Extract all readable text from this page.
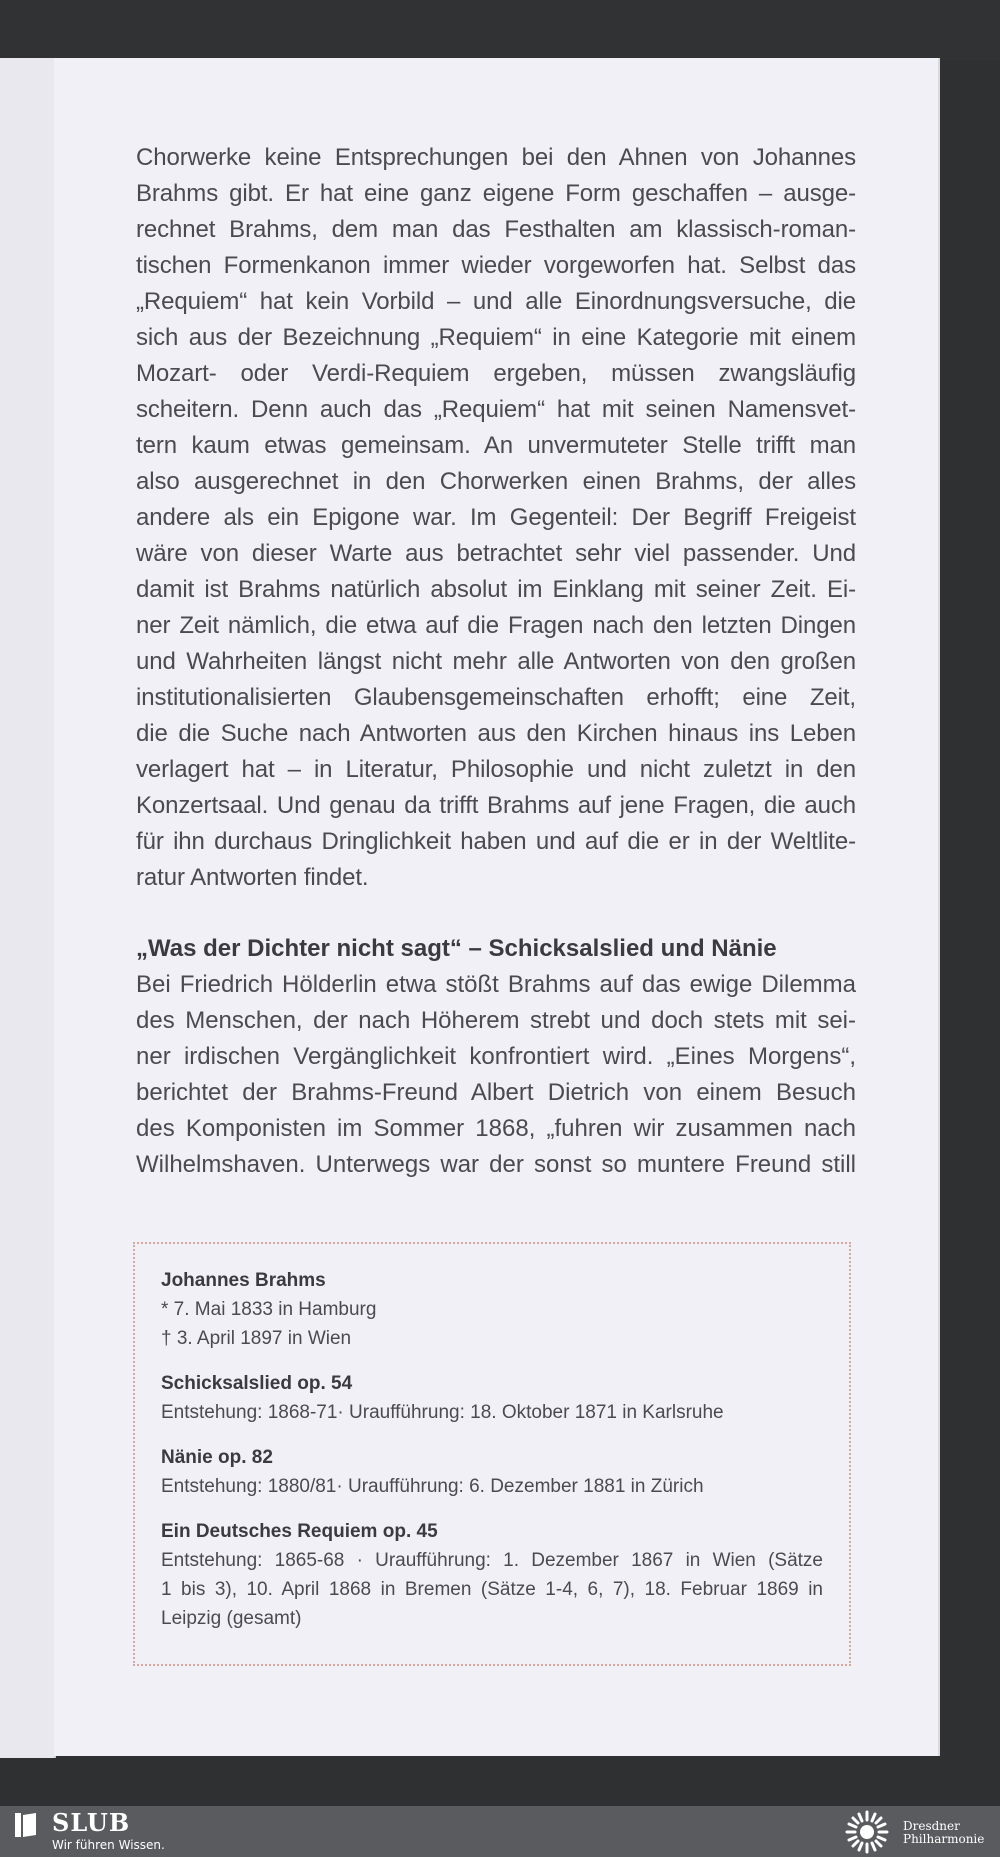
Chorwerke keine Entsprechungen bei den Ahnen von Johannes

Brahms gibt. Er hat eine ganz eigene Form geschaffen – ausge-

rechnet Brahms, dem man das Festhalten am klassisch-roman-

tischen Formenkanon immer wieder vorgeworfen hat. Selbst das

„Requiem“ hat kein Vorbild – und alle Einordnungsversuche, die

sich aus der Bezeichnung „Requiem“ in eine Kategorie mit einem

Mozart- oder Verdi-Requiem ergeben, müssen zwangsläufig

scheitern. Denn auch das „Requiem“ hat mit seinen Namensvet-

tern kaum etwas gemeinsam. An unvermuteter Stelle trifft man

also ausgerechnet in den Chorwerken einen Brahms, der alles

andere als ein Epigone war. Im Gegenteil: Der Begriff Freigeist

wäre von dieser Warte aus betrachtet sehr viel passender. Und

damit ist Brahms natürlich absolut im Einklang mit seiner Zeit. Ei-

ner Zeit nämlich, die etwa auf die Fragen nach den letzten Dingen

und Wahrheiten längst nicht mehr alle Antworten von den großen

institutionalisierten Glaubensgemeinschaften erhofft; eine Zeit,

die die Suche nach Antworten aus den Kirchen hinaus ins Leben

verlagert hat – in Literatur, Philosophie und nicht zuletzt in den

Konzertsaal. Und genau da trifft Brahms auf jene Fragen, die auch

für ihn durchaus Dringlichkeit haben und auf die er in der Weltlite-

ratur Antworten findet.

„Was der Dichter nicht sagt“ – Schicksalslied und Nänie

Bei Friedrich Hölderlin etwa stößt Brahms auf das ewige Dilemma

des Menschen, der nach Höherem strebt und doch stets mit sei-

ner irdischen Vergänglichkeit konfrontiert wird. „Eines Morgens“,

berichtet der Brahms-Freund Albert Dietrich von einem Besuch

des Komponisten im Sommer 1868, „fuhren wir zusammen nach

Wilhelmshaven. Unterwegs war der sonst so muntere Freund still

Johannes Brahms
* 7. Mai 1833 in Hamburg
† 3. April 1897 in Wien
Schicksalslied op. 54
Entstehung: 1868-71· Uraufführung: 18. Oktober 1871 in Karlsruhe
Nänie op. 82
Entstehung: 1880/81· Uraufführung: 6. Dezember 1881 in Zürich
Ein Deutsches Requiem op. 45
Entstehung: 1865-68 · Uraufführung: 1. Dezember 1867 in Wien (Sätze
1 bis 3), 10. April 1868 in Bremen (Sätze 1-4, 6, 7), 18. Februar 1869 in
Leipzig (gesamt)
SLUB
Wir führen Wissen.
Dresdner
Philharmonie
